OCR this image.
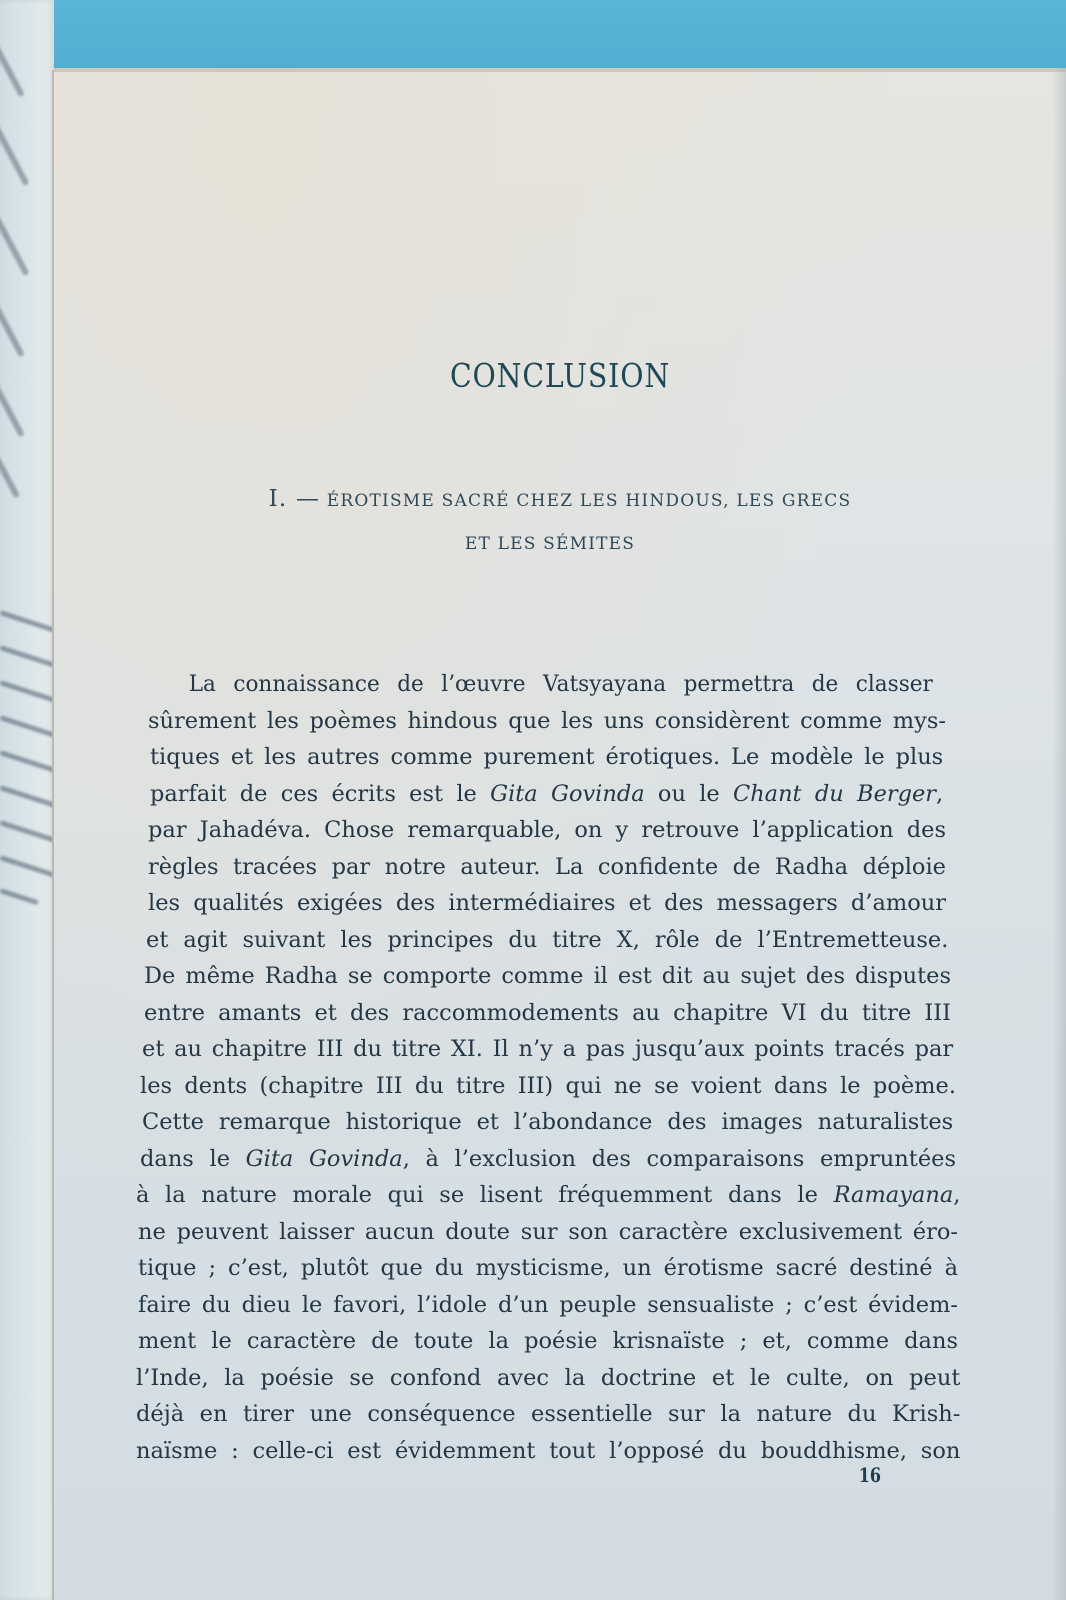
CONCLUSION
I. — ÉROTISME SACRÉ CHEZ LES HINDOUS, LES GRECS
ET LES SÉMITES
La connaissance de l’œuvre Vatsyayana permettra de classer
sûrement les poèmes hindous que les uns considèrent comme mys-
tiques et les autres comme purement érotiques. Le modèle le plus
parfait de ces écrits est le Gita Govinda ou le Chant du Berger,
par Jahadéva. Chose remarquable, on y retrouve l’application des
règles tracées par notre auteur. La confidente de Radha déploie
les qualités exigées des intermédiaires et des messagers d’amour
et agit suivant les principes du titre X, rôle de l’Entremetteuse.
De même Radha se comporte comme il est dit au sujet des disputes
entre amants et des raccommodements au chapitre VI du titre III
et au chapitre III du titre XI. Il n’y a pas jusqu’aux points tracés par
les dents (chapitre III du titre III) qui ne se voient dans le poème.
Cette remarque historique et l’abondance des images naturalistes
dans le Gita Govinda, à l’exclusion des comparaisons empruntées
à la nature morale qui se lisent fréquemment dans le Ramayana,
ne peuvent laisser aucun doute sur son caractère exclusivement éro-
tique ; c’est, plutôt que du mysticisme, un érotisme sacré destiné à
faire du dieu le favori, l’idole d’un peuple sensualiste ; c’est évidem-
ment le caractère de toute la poésie krisnaïste ; et, comme dans
l’Inde, la poésie se confond avec la doctrine et le culte, on peut
déjà en tirer une conséquence essentielle sur la nature du Krish-
naïsme : celle-ci est évidemment tout l’opposé du bouddhisme, son
16
